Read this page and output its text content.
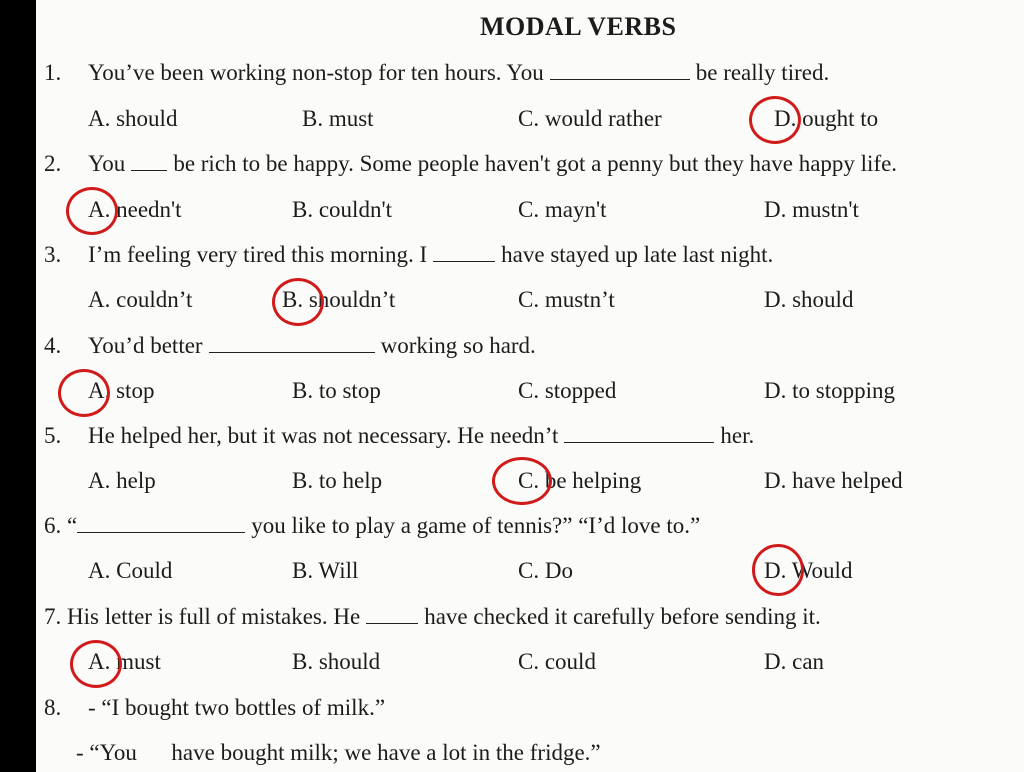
MODAL VERBS
1. You’ve been working non-stop for ten hours. You	be really tired.
A. should	B. must	C. would rather	D. ought to
2. You be rich to be happy. Some people haven't got a penny but they have happy life.
A. needn't	B. couldn't	C. mayn't	D. mustn't
3. I’m feeling very tired this morning. I	have stayed up late last night.
A. couldn’t	B. shouldn’t	C. mustn’t	D. should
4. You’d better	working so hard.
A. stop	B. to stop	C. stopped	D. to stopping
5. He helped her, but it was not necessary. He needn’t	her.
A. help	B. to help	C. be helping	D. have helped
6. “	you like to play a game of tennis?” “I’d love to.”
A. Could	B. Will	C. Do	D. Would
7. His letter is full of mistakes. He	have checked it carefully before sending it.
A. must	B. should	C. could	D. can
8. - “I bought two bottles of milk.”
- “You      have bought milk; we have a lot in the fridge.”
